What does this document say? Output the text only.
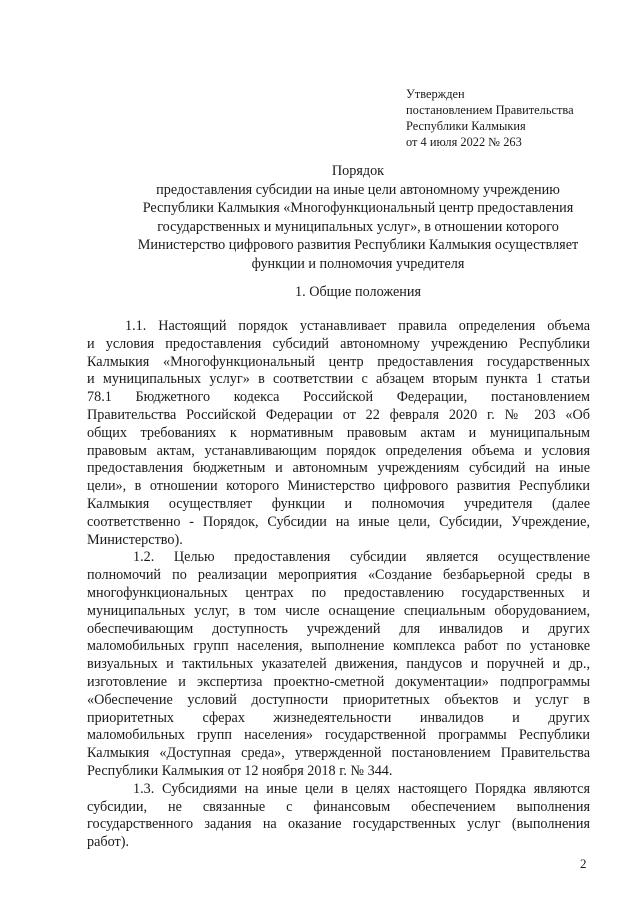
Утвержден
постановлением Правительства
Республики Калмыкия
от 4 июля 2022 № 263
Порядок
предоставления субсидии на иные цели автономному учреждению
Республики Калмыкия «Многофункциональный центр предоставления
государственных и муниципальных услуг», в отношении которого
Министерство цифрового развития Республики Калмыкия осуществляет
функции и полномочия учредителя
1. Общие положения
1.1. Настоящий порядок устанавливает правила определения объема
и условия предоставления субсидий автономному учреждению Республики
Калмыкия «Многофункциональный центр предоставления государственных
и муниципальных услуг» в соответствии с абзацем вторым пункта 1 статьи
78.1 Бюджетного кодекса Российской Федерации, постановлением
Правительства Российской Федерации от 22 февраля 2020 г. № 203 «Об
общих требованиях к нормативным правовым актам и муниципальным
правовым актам, устанавливающим порядок определения объема и условия
предоставления бюджетным и автономным учреждениям субсидий на иные
цели», в отношении которого Министерство цифрового развития Республики
Калмыкия осуществляет функции и полномочия учредителя (далее
соответственно - Порядок, Субсидии на иные цели, Субсидии, Учреждение,
Министерство).
1.2. Целью предоставления субсидии является осуществление
полномочий по реализации мероприятия «Создание безбарьерной среды в
многофункциональных центрах по предоставлению государственных и
муниципальных услуг, в том числе оснащение специальным оборудованием,
обеспечивающим доступность учреждений для инвалидов и других
маломобильных групп населения, выполнение комплекса работ по установке
визуальных и тактильных указателей движения, пандусов и поручней и др.,
изготовление и экспертиза проектно-сметной документации» подпрограммы
«Обеспечение условий доступности приоритетных объектов и услуг в
приоритетных сферах жизнедеятельности инвалидов и других
маломобильных групп населения» государственной программы Республики
Калмыкия «Доступная среда», утвержденной постановлением Правительства
Республики Калмыкия от 12 ноября 2018 г. № 344.
1.3. Субсидиями на иные цели в целях настоящего Порядка являются
субсидии, не связанные с финансовым обеспечением выполнения
государственного задания на оказание государственных услуг (выполнения
работ).
2
